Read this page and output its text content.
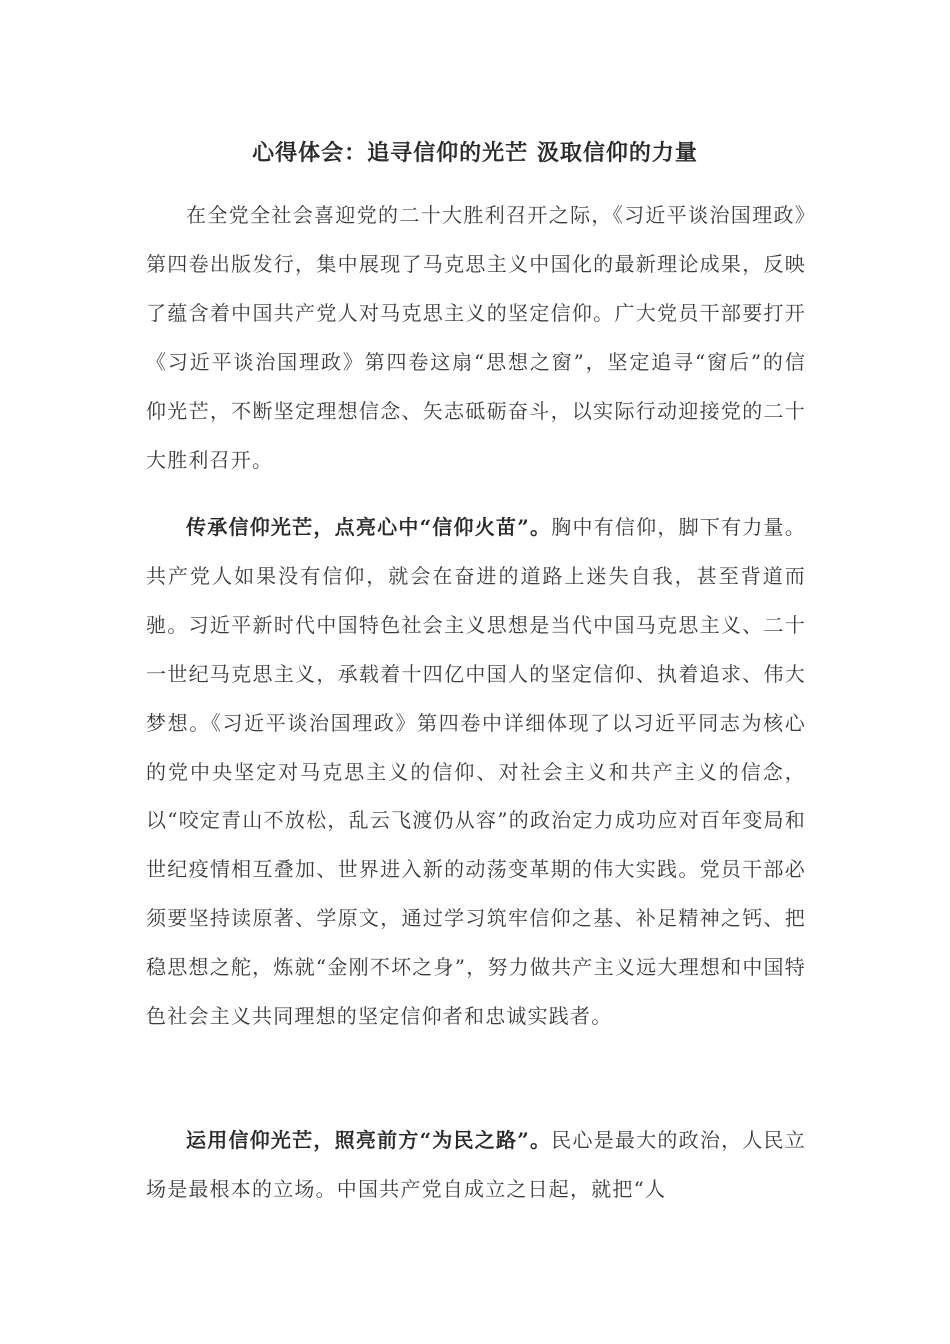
心得体会：追寻信仰的光芒 汲取信仰的力量

在全党全社会喜迎党的二十大胜利召开之际，《习近平谈治国理政》第四卷出版发行，集中展现了马克思主义中国化的最新理论成果，反映了蕴含着中国共产党人对马克思主义的坚定信仰。广大党员干部要打开《习近平谈治国理政》第四卷这扇“思想之窗”，坚定追寻“窗后”的信仰光芒，不断坚定理想信念、矢志砥砺奋斗，以实际行动迎接党的二十大胜利召开。

传承信仰光芒，点亮心中“信仰火苗”。胸中有信仰，脚下有力量。共产党人如果没有信仰，就会在奋进的道路上迷失自我，甚至背道而驰。习近平新时代中国特色社会主义思想是当代中国马克思主义、二十一世纪马克思主义，承载着十四亿中国人的坚定信仰、执着追求、伟大梦想。《习近平谈治国理政》第四卷中详细体现了以习近平同志为核心的党中央坚定对马克思主义的信仰、对社会主义和共产主义的信念，以“咬定青山不放松，乱云飞渡仍从容”的政治定力成功应对百年变局和世纪疫情相互叠加、世界进入新的动荡变革期的伟大实践。党员干部必须要坚持读原著、学原文，通过学习筑牢信仰之基、补足精神之钙、把稳思想之舵，炼就“金刚不坏之身”，努力做共产主义远大理想和中国特色社会主义共同理想的坚定信仰者和忠诚实践者。

运用信仰光芒，照亮前方“为民之路”。民心是最大的政治，人民立场是最根本的立场。中国共产党自成立之日起，就把“人
